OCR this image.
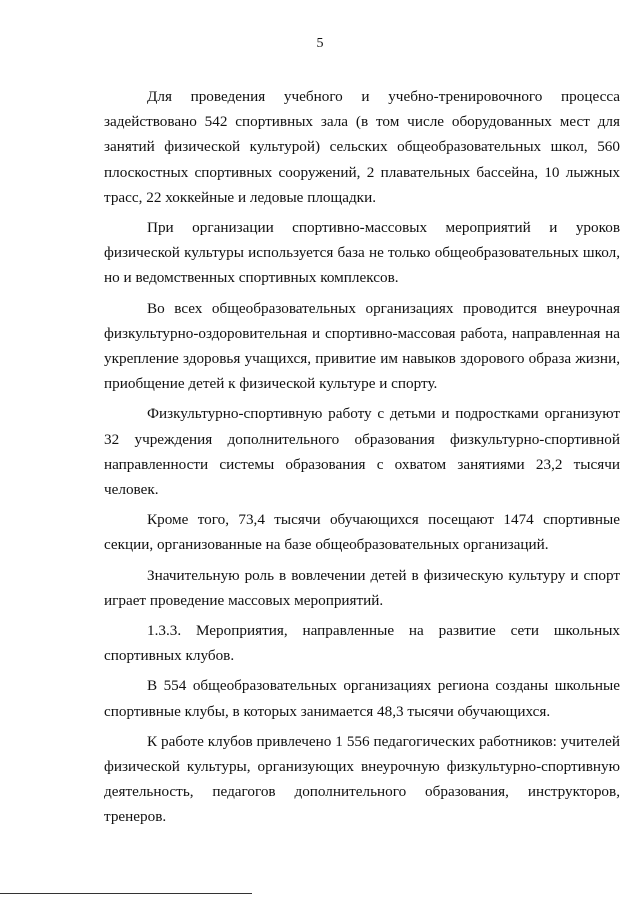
5

Для проведения учебного и учебно-тренировочного процесса задействовано 542 спортивных зала (в том числе оборудованных мест для занятий физической культурой) сельских общеобразовательных школ, 560 плоскостных спортивных сооружений, 2 плавательных бассейна, 10 лыжных трасс, 22 хоккейные и ледовые площадки.

При организации спортивно-массовых мероприятий и уроков физической культуры используется база не только общеобразовательных школ, но и ведомственных спортивных комплексов.

Во всех общеобразовательных организациях проводится внеурочная физкультурно-оздоровительная и спортивно-массовая работа, направленная на укрепление здоровья учащихся, привитие им навыков здорового образа жизни, приобщение детей к физической культуре и спорту.

Физкультурно-спортивную работу с детьми и подростками организуют 32 учреждения дополнительного образования физкультурно-спортивной направленности системы образования с охватом занятиями 23,2 тысячи человек.

Кроме того, 73,4 тысячи обучающихся посещают 1474 спортивные секции, организованные на базе общеобразовательных организаций.

Значительную роль в вовлечении детей в физическую культуру и спорт играет проведение массовых мероприятий.

1.3.3. Мероприятия, направленные на развитие сети школьных спортивных клубов.

В 554 общеобразовательных организациях региона созданы школьные спортивные клубы, в которых занимается 48,3 тысячи обучающихся.

К работе клубов привлечено 1 556 педагогических работников: учителей физической культуры, организующих внеурочную физкультурно-спортивную деятельность, педагогов дополнительного образования, инструкторов, тренеров.
